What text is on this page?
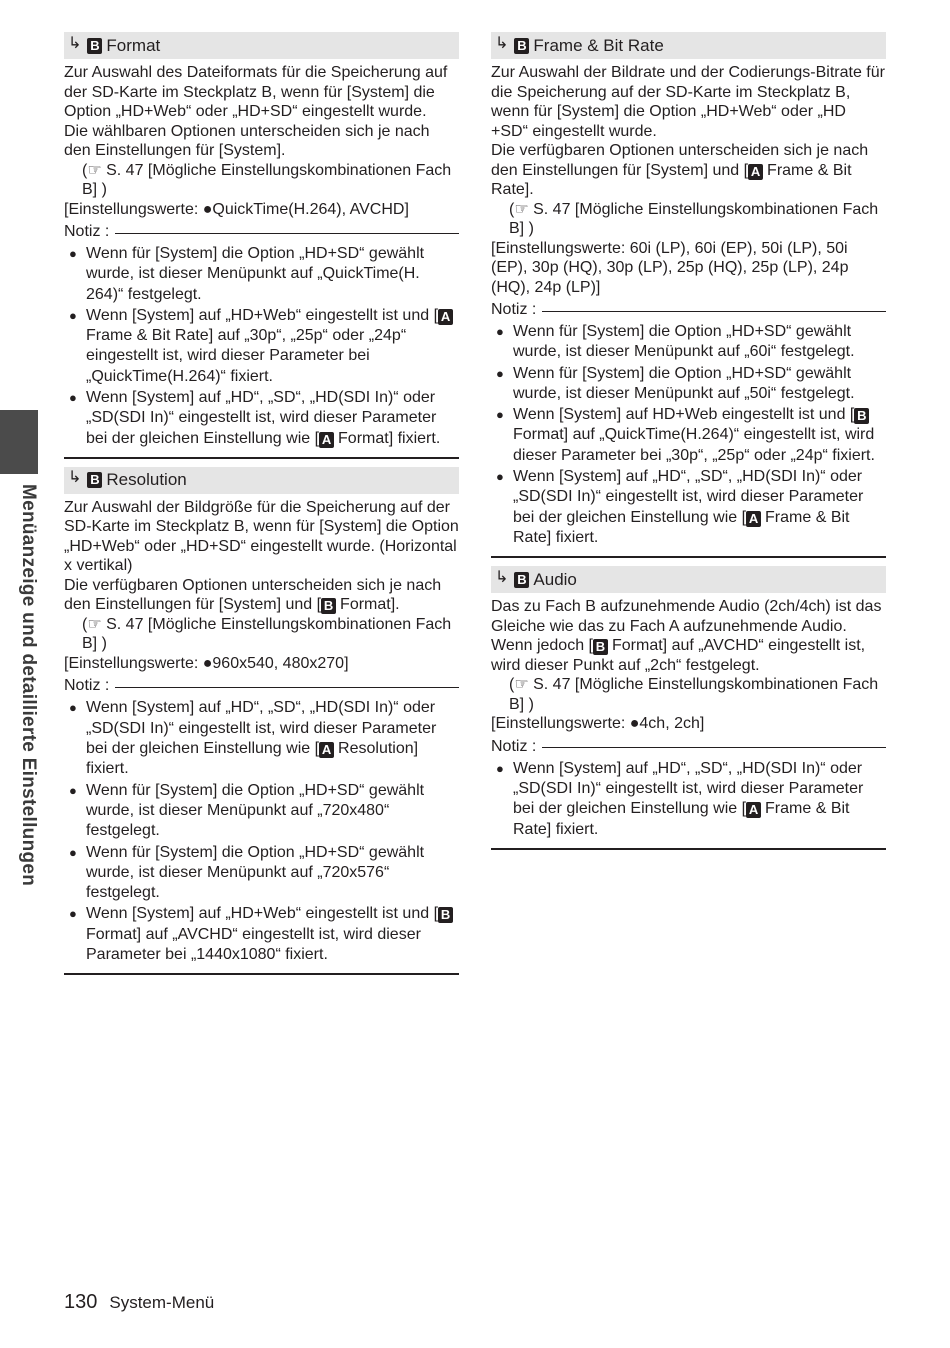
Menüanzeige und detaillierte Einstellungen
↳ B Format
Zur Auswahl des Dateiformats für die Speicherung auf der SD-Karte im Steckplatz B, wenn für [System] die Option „HD+Web“ oder „HD+SD“ eingestellt wurde.
Die wählbaren Optionen unterscheiden sich je nach den Einstellungen für [System].
(☞ S. 47 [Mögliche Einstellungskombinationen Fach B] )
[Einstellungswerte: ●QuickTime(H.264), AVCHD]
Notiz :
● Wenn für [System] die Option „HD+SD“ gewählt wurde, ist dieser Menüpunkt auf „QuickTime(H. 264)“ festgelegt.
● Wenn [System] auf „HD+Web“ eingestellt ist und [ AFrame & Bit Rate] auf „30p“, „25p“ oder „24p“ eingestellt ist, wird dieser Parameter bei „QuickTime(H.264)“ fixiert.
● Wenn [System] auf „HD“, „SD“, „HD(SDI In)“ oder „SD(SDI In)“ eingestellt ist, wird dieser Parameter bei der gleichen Einstellung wie [ A Format] fixiert.
↳ B Resolution
Zur Auswahl der Bildgröße für die Speicherung auf der SD-Karte im Steckplatz B, wenn für [System] die Option „HD+Web“ oder „HD+SD“ eingestellt wurde. (Horizontal x vertikal)
Die verfügbaren Optionen unterscheiden sich je nach den Einstellungen für [System] und [ B Format].
(☞ S. 47 [Mögliche Einstellungskombinationen Fach B] )
[Einstellungswerte: ●960x540, 480x270]
Notiz :
● Wenn [System] auf „HD“, „SD“, „HD(SDI In)“ oder „SD(SDI In)“ eingestellt ist, wird dieser Parameter bei der gleichen Einstellung wie [ A Resolution] fixiert.
● Wenn für [System] die Option „HD+SD“ gewählt wurde, ist dieser Menüpunkt auf „720x480“ festgelegt.
● Wenn für [System] die Option „HD+SD“ gewählt wurde, ist dieser Menüpunkt auf „720x576“ festgelegt.
● Wenn [System] auf „HD+Web“ eingestellt ist und [ BFormat] auf „AVCHD“ eingestellt ist, wird dieser Parameter bei „1440x1080“ fixiert.
↳ B Frame & Bit Rate
Zur Auswahl der Bildrate und der Codierungs-Bitrate für die Speicherung auf der SD-Karte im Steckplatz B, wenn für [System] die Option „HD+Web“ oder „HD +SD“ eingestellt wurde.
Die verfügbaren Optionen unterscheiden sich je nach den Einstellungen für [System] und [ A Frame & Bit Rate].
(☞ S. 47 [Mögliche Einstellungskombinationen Fach B] )
[Einstellungswerte: 60i (LP), 60i (EP), 50i (LP), 50i (EP), 30p (HQ), 30p (LP), 25p (HQ), 25p (LP), 24p (HQ), 24p (LP)]
Notiz :
● Wenn für [System] die Option „HD+SD“ gewählt wurde, ist dieser Menüpunkt auf „60i“ festgelegt.
● Wenn für [System] die Option „HD+SD“ gewählt wurde, ist dieser Menüpunkt auf „50i“ festgelegt.
● Wenn [System] auf HD+Web eingestellt ist und [ BFormat] auf „QuickTime(H.264)“ eingestellt ist, wird dieser Parameter bei „30p“, „25p“ oder „24p“ fixiert.
● Wenn [System] auf „HD“, „SD“, „HD(SDI In)“ oder „SD(SDI In)“ eingestellt ist, wird dieser Parameter bei der gleichen Einstellung wie [ A Frame & Bit Rate] fixiert.
↳ B Audio
Das zu Fach B aufzunehmende Audio (2ch/4ch) ist das Gleiche wie das zu Fach A aufzunehmende Audio.
Wenn jedoch [ B Format] auf „AVCHD“ eingestellt ist, wird dieser Punkt auf „2ch“ festgelegt.
(☞ S. 47 [Mögliche Einstellungskombinationen Fach B] )
[Einstellungswerte: ●4ch, 2ch]
Notiz :
● Wenn [System] auf „HD“, „SD“, „HD(SDI In)“ oder „SD(SDI In)“ eingestellt ist, wird dieser Parameter bei der gleichen Einstellung wie [ A Frame & Bit Rate] fixiert.
130 System-Menü
